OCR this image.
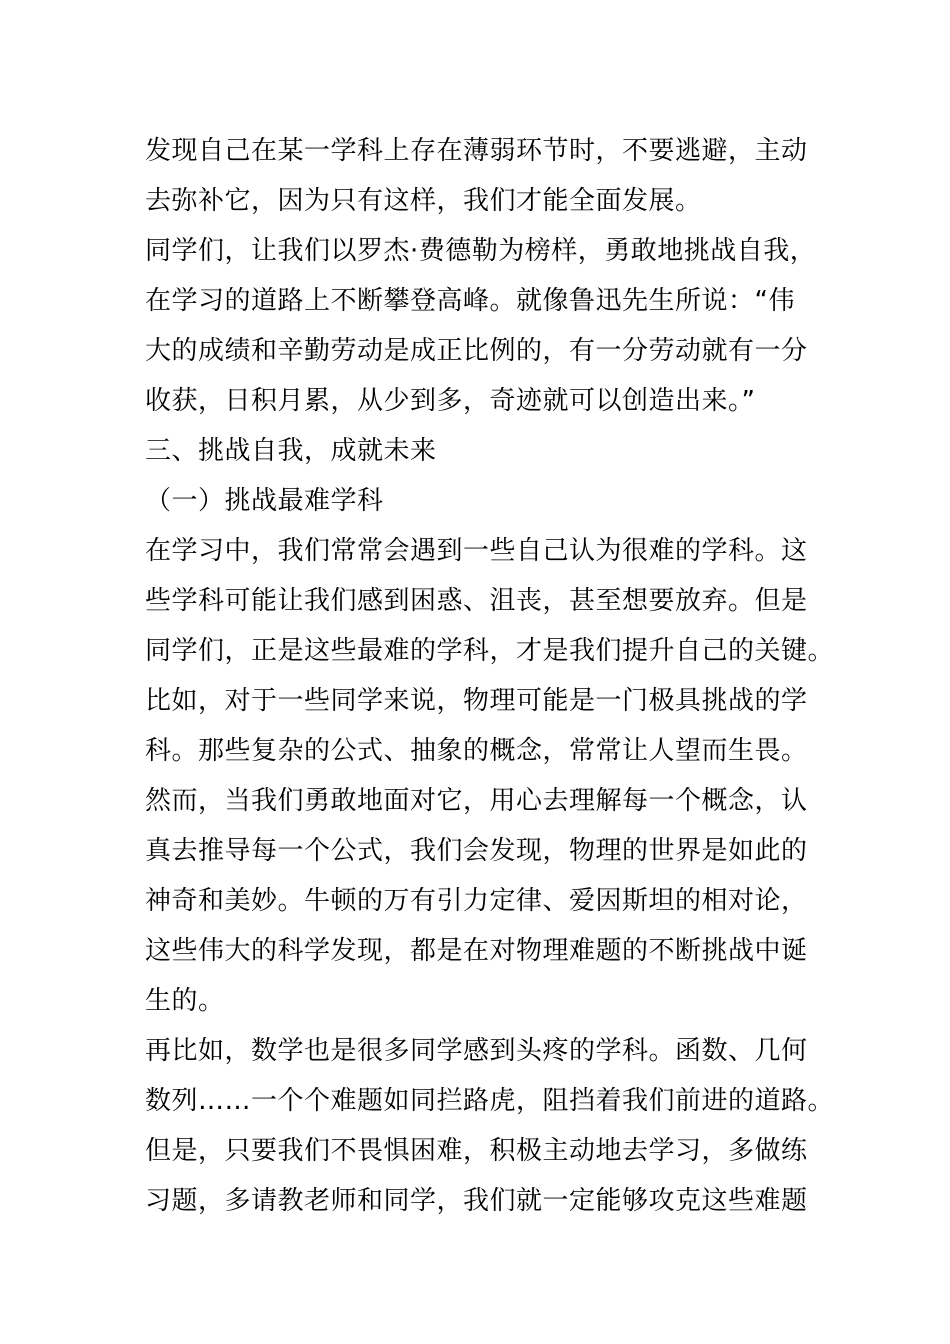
发现自己在某一学科上存在薄弱环节时，不要逃避，主动
去弥补它，因为只有这样，我们才能全面发展。
同学们，让我们以罗杰·费德勒为榜样，勇敢地挑战自我，
在学习的道路上不断攀登高峰。就像鲁迅先生所说：“伟
大的成绩和辛勤劳动是成正比例的，有一分劳动就有一分
收获，日积月累，从少到多，奇迹就可以创造出来。”
三、挑战自我，成就未来
（一）挑战最难学科
在学习中，我们常常会遇到一些自己认为很难的学科。这
些学科可能让我们感到困惑、沮丧，甚至想要放弃。但是
同学们，正是这些最难的学科，才是我们提升自己的关键。
比如，对于一些同学来说，物理可能是一门极具挑战的学
科。那些复杂的公式、抽象的概念，常常让人望而生畏。
然而，当我们勇敢地面对它，用心去理解每一个概念，认
真去推导每一个公式，我们会发现，物理的世界是如此的
神奇和美妙。牛顿的万有引力定律、爱因斯坦的相对论，
这些伟大的科学发现，都是在对物理难题的不断挑战中诞
生的。
再比如，数学也是很多同学感到头疼的学科。函数、几何
数列……一个个难题如同拦路虎，阻挡着我们前进的道路。
但是，只要我们不畏惧困难，积极主动地去学习，多做练
习题，多请教老师和同学，我们就一定能够攻克这些难题
